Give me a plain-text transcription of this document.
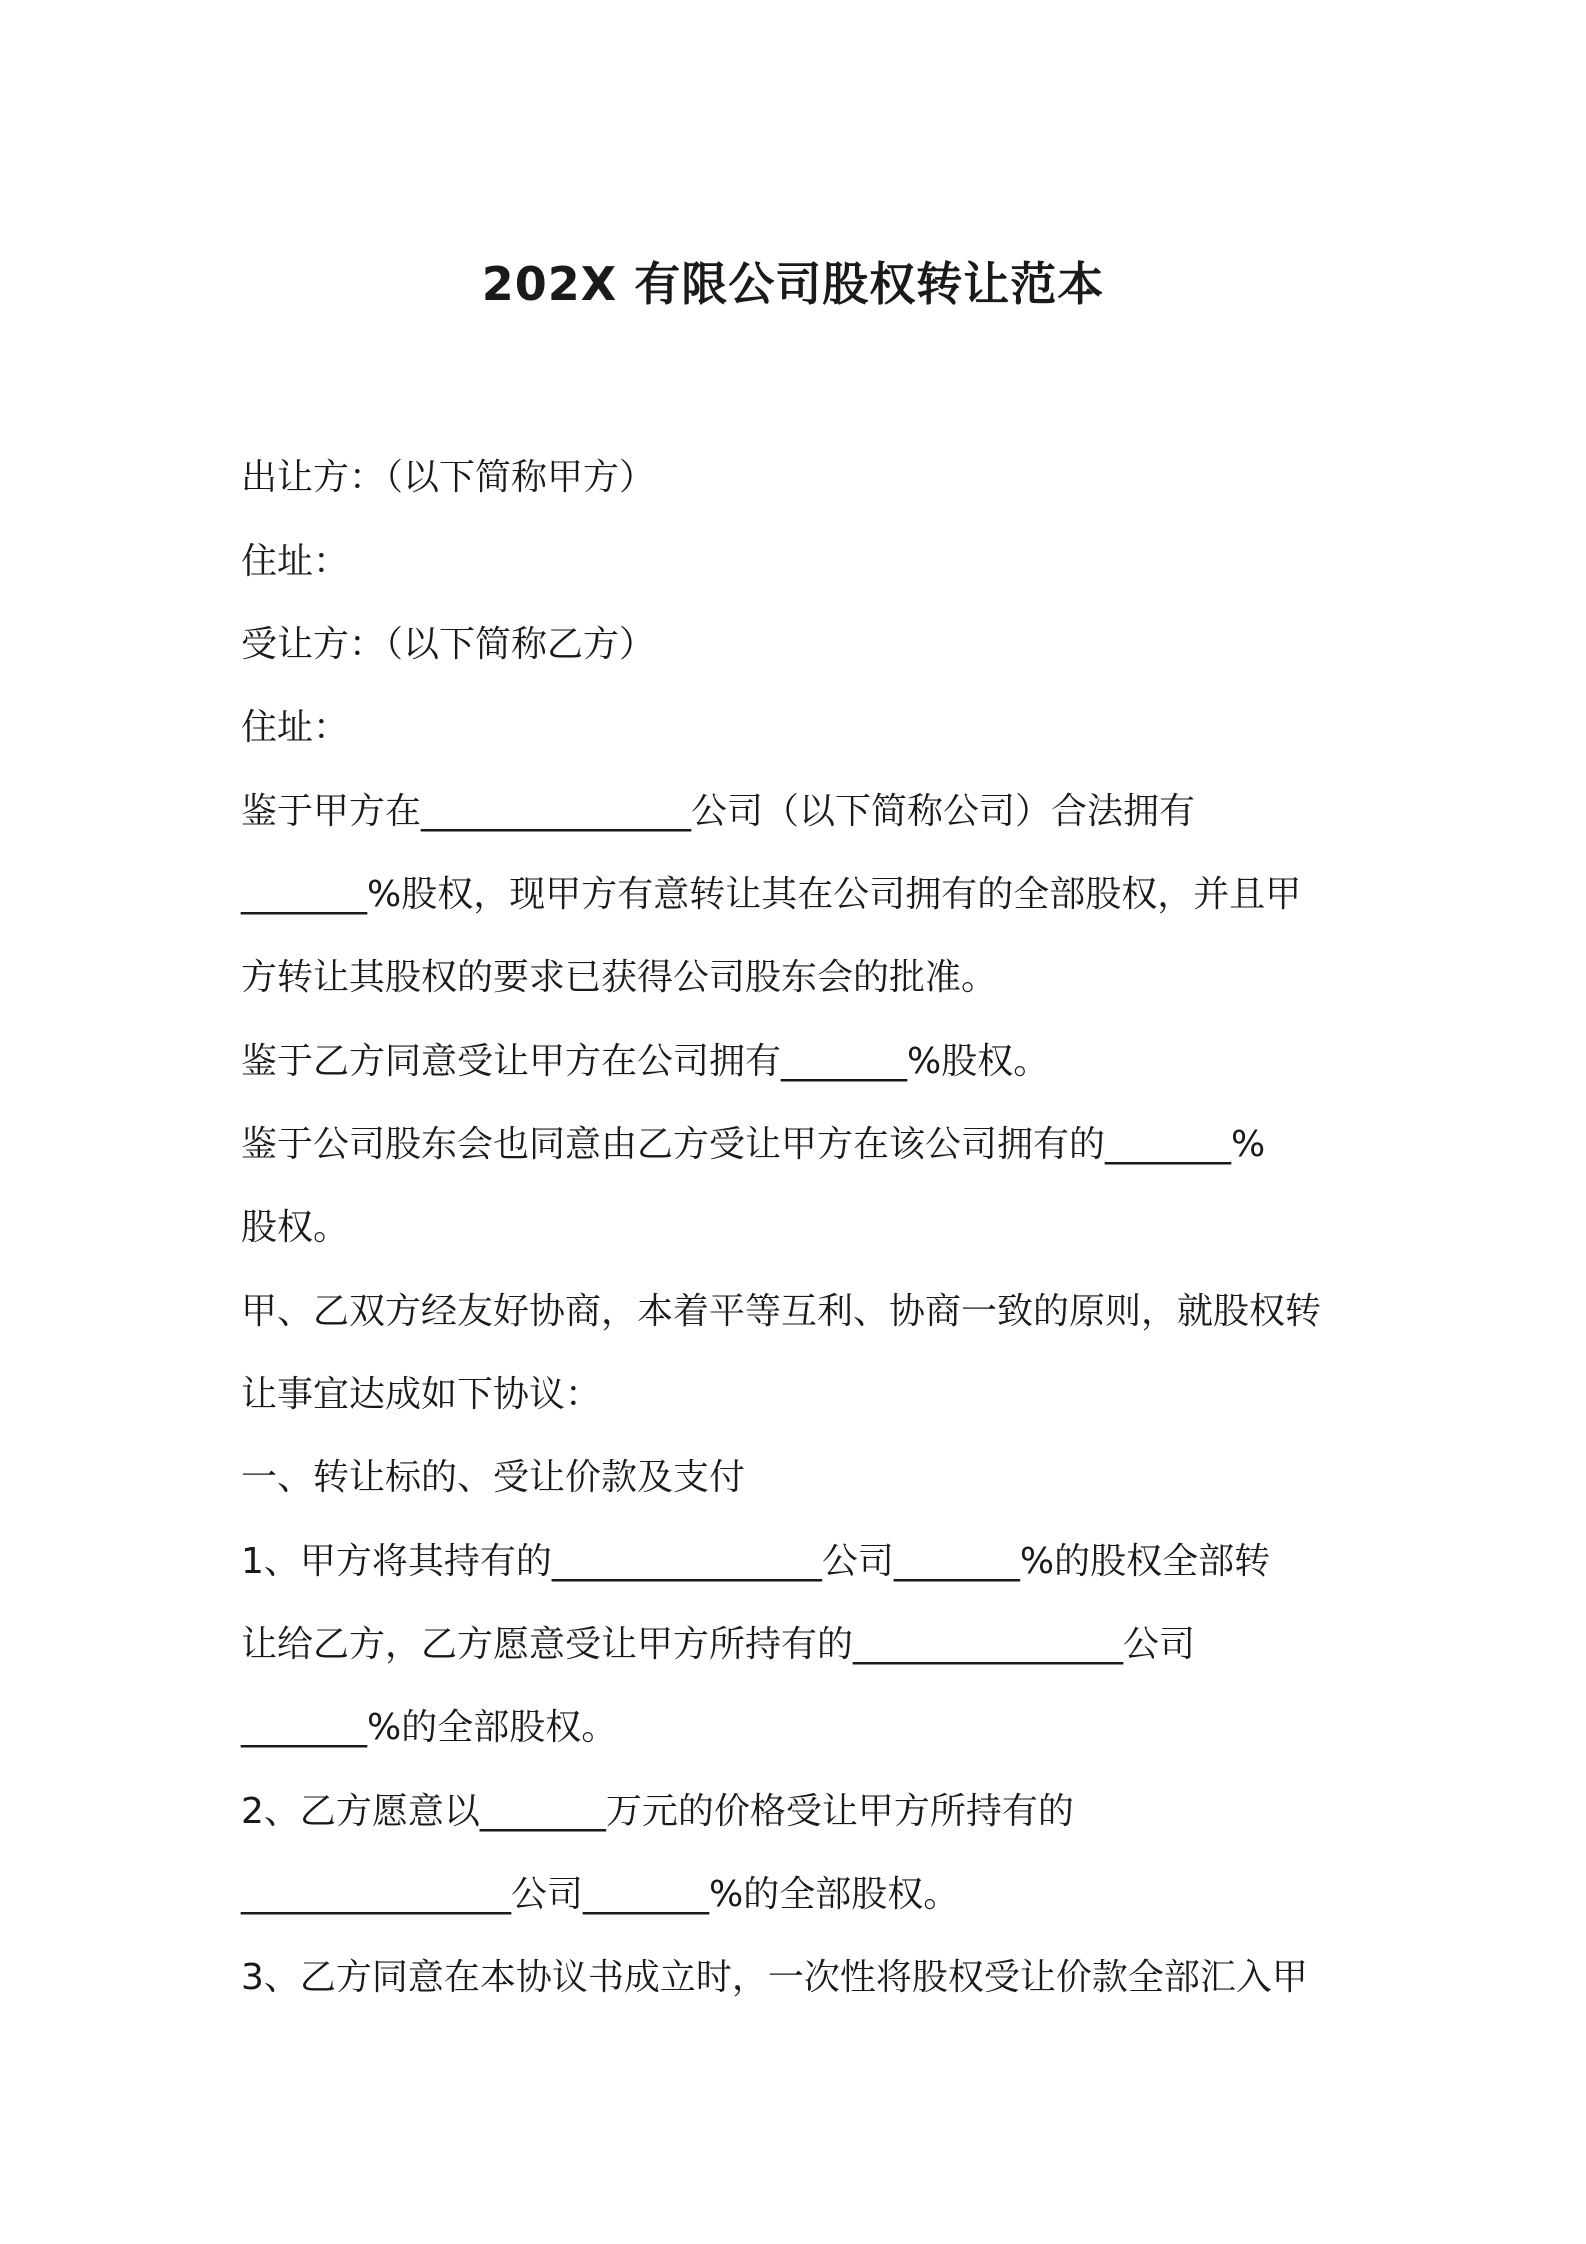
202X 有限公司股权转让范本
出让方：（以下简称甲方）
住址：
受让方：（以下简称乙方）
住址：
鉴于甲方在_______________公司（以下简称公司）合法拥有
_______%股权，现甲方有意转让其在公司拥有的全部股权，并且甲
方转让其股权的要求已获得公司股东会的批准。
鉴于乙方同意受让甲方在公司拥有_______%股权。
鉴于公司股东会也同意由乙方受让甲方在该公司拥有的_______%
股权。
甲、乙双方经友好协商，本着平等互利、协商一致的原则，就股权转
让事宜达成如下协议：
一、转让标的、受让价款及支付
1、甲方将其持有的_______________公司_______%的股权全部转
让给乙方，乙方愿意受让甲方所持有的_______________公司
_______%的全部股权。
2、乙方愿意以_______万元的价格受让甲方所持有的
_______________公司_______%的全部股权。
3、乙方同意在本协议书成立时，一次性将股权受让价款全部汇入甲
